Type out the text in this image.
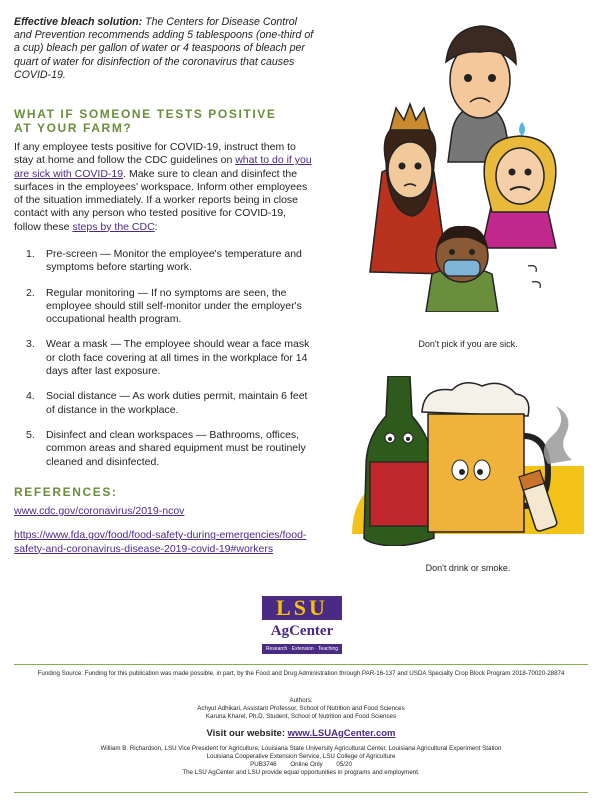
Effective bleach solution: The Centers for Disease Control and Prevention recommends adding 5 tablespoons (one-third of a cup) bleach per gallon of water or 4 teaspoons of bleach per quart of water for disinfection of the coronavirus that causes COVID-19.
WHAT IF SOMEONE TESTS POSITIVE
AT YOUR FARM?
If any employee tests positive for COVID-19, instruct them to stay at home and follow the CDC guidelines on what to do if you are sick with COVID-19. Make sure to clean and disinfect the surfaces in the employees' workspace. Inform other employees of the situation immediately. If a worker reports being in close contact with any person who tested positive for COVID-19, follow these steps by the CDC:
1.	Pre-screen — Monitor the employee's temperature and symptoms before starting work.
2.	Regular monitoring — If no symptoms are seen, the employee should still self-monitor under the employer's occupational health program.
3.	Wear a mask — The employee should wear a face mask or cloth face covering at all times in the workplace for 14 days after last exposure.
4.	Social distance — As work duties permit, maintain 6 feet of distance in the workplace.
5.	Disinfect and clean workspaces — Bathrooms, offices, common areas and shared equipment must be routinely cleaned and disinfected.
REFERENCES:
www.cdc.gov/coronavirus/2019-ncov
https://www.fda.gov/food/food-safety-during-emergencies/food-safety-and-coronavirus-disease-2019-covid-19#workers
Don't pick if you are sick.
Don't drink or smoke.
LSU
AgCenter
Research · Extension · Teaching
Funding Source: Funding for this publication was made possible, in part, by the Food and Drug Administration through PAR-16-137 and USDA Specialty Crop Block Program 2018-70020-28874
Authors:
Achyut Adhikari, Assistant Professor, School of Nutrition and Food Sciences
Karuna Kharel, Ph.D. Student, School of Nutrition and Food Sciences
Visit our website: www.LSUAgCenter.com
William B. Richardson, LSU Vice President for Agriculture, Louisiana State University Agricultural Center, Louisiana Agricultural Experiment Station
Louisiana Cooperative Extension Service, LSU College of Agriculture
PUB3746        Online Only        05/20
The LSU AgCenter and LSU provide equal opportunities in programs and employment.
